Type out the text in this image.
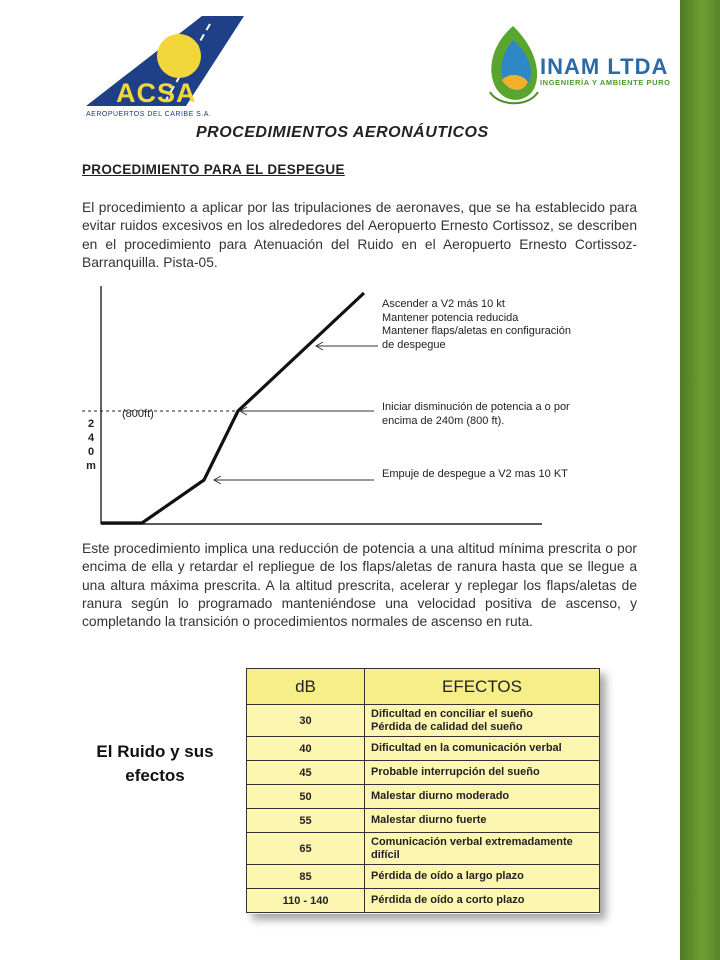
ACSA
AEROPUERTOS DEL CARIBE S.A.
INAM LTDA
INGENIERÍA Y AMBIENTE PURO
PROCEDIMIENTOS AERONÁUTICOS
PROCEDIMIENTO PARA EL DESPEGUE
El procedimiento a aplicar por las tripulaciones de aeronaves, que se ha establecido para evitar ruidos excesivos en los alrededores del Aeropuerto Ernesto Cortissoz, se describen en el procedimiento para Atenuación del Ruido en el Aeropuerto Ernesto Cortissoz- Barranquilla. Pista-05.
(800ft)
2
4
0
m
Ascender a V2 más 10 kt
Mantener potencia reducida
Mantener flaps/aletas en configuración
de despegue
Iniciar disminución de potencia a o por
encima de 240m (800 ft).
Empuje de despegue a V2 mas 10 KT
Este procedimiento implica una reducción de potencia a una altitud mínima prescrita o por encima de ella y retardar el repliegue de los flaps/aletas de ranura hasta que se llegue a una altura máxima prescrita. A la altitud prescrita, acelerar y replegar los flaps/aletas de ranura según lo programado manteniéndose una velocidad positiva de ascenso, y completando la transición o procedimientos normales de ascenso en ruta.
El Ruido y sus
efectos
dB	EFECTOS
30	Dificultad en conciliar el sueño
Pérdida de calidad del sueño

40	Dificultad en la comunicación verbal
45	Probable interrupción del sueño
50	Malestar diurno moderado
55	Malestar diurno fuerte
65	Comunicación verbal extremadamente
difícil

85	Pérdida de oído a largo plazo
110 - 140	Pérdida de oído a corto plazo
